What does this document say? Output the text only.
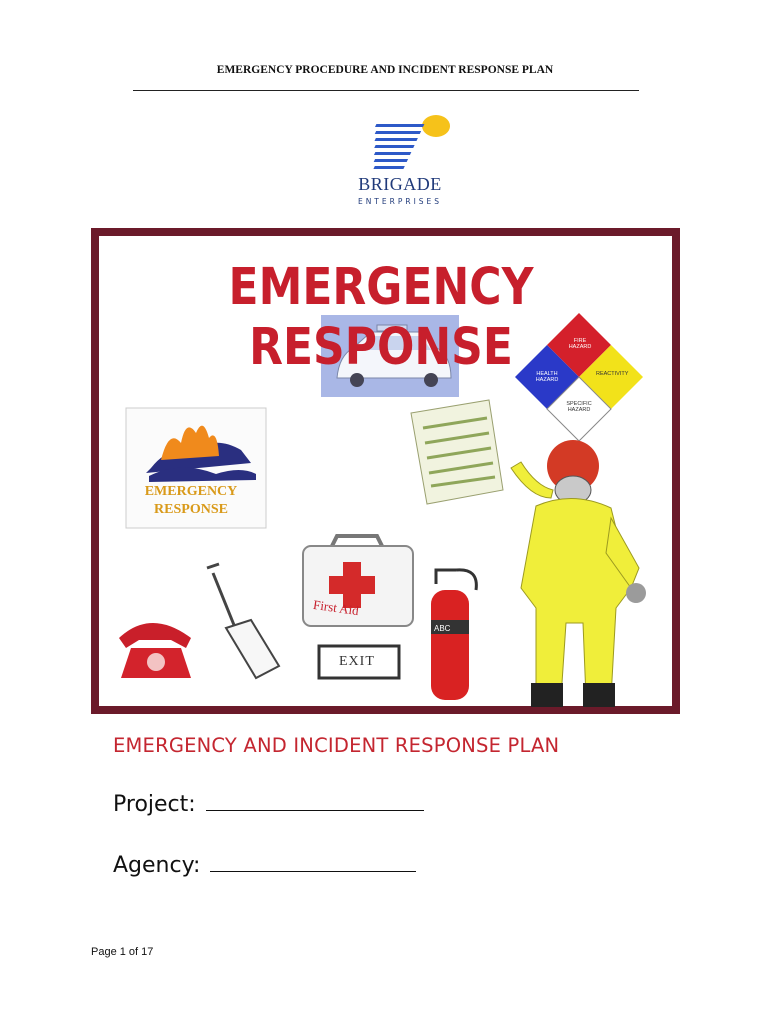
EMERGENCY PROCEDURE AND INCIDENT RESPONSE PLAN
BRIGADE
ENTERPRISES
EMERGENCY RESPONSE
EMERGENCY
RESPONSE
First Aid
EXIT
ABC
FIRE HAZARD
HEALTH HAZARD
REACTIVITY
SPECIFIC HAZARD
EMERGENCY AND INCIDENT RESPONSE PLAN
Project:
Agency:
Page 1 of 17
